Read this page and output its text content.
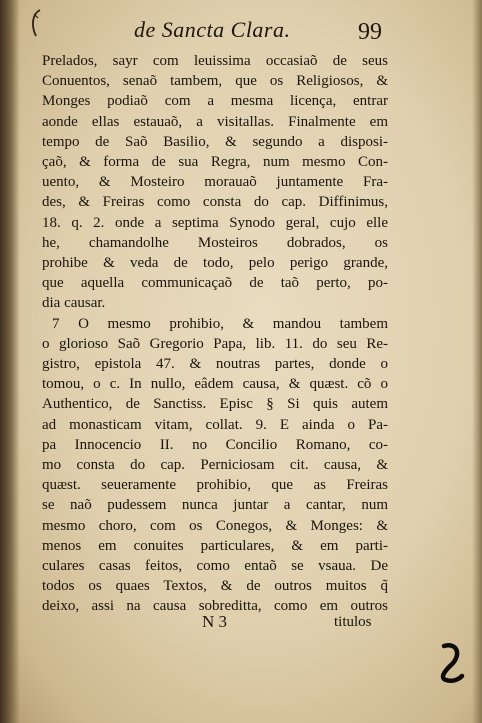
de Sancta Clara.	99
Prelados, sayr com leuissima occasiaõ de seus
Conuentos, senaõ tambem, que os Religiosos, &
Monges podiaõ com a mesma licença, entrar
aonde ellas estauaõ, a visitallas. Finalmente em
tempo de Saõ Basilio, & segundo a disposi-
çaõ, & forma de sua Regra, num mesmo Con-
uento, & Mosteiro morauaõ juntamente Fra-
des, & Freiras como consta do cap. Diffinimus,
18. q. 2. onde a septima Synodo geral, cujo elle
he, chamandolhe Mosteiros dobrados, os
prohibe & veda de todo, pelo perigo grande,
que aquella communicaçaõ de taõ perto, po-
dia causar.
7 O mesmo prohibio, & mandou tambem
o glorioso Saõ Gregorio Papa, lib. 11. do seu Re-
gistro, epistola 47. & noutras partes, donde o
tomou, o c. In nullo, eâdem causa, & quæst. cõ o
Authentico, de Sanctiss. Episc § Si quis autem
ad monasticam vitam, collat. 9. E ainda o Pa-
pa Innocencio II. no Concilio Romano, co-
mo consta do cap. Perniciosam cit. causa, &
quæst. seueramente prohibio, que as Freiras
se naõ pudessem nunca juntar a cantar, num
mesmo choro, com os Conegos, & Monges: &
menos em conuites particulares, & em parti-
culares casas feitos, como entaõ se vsaua. De
todos os quaes Textos, & de outros muitos q̃
deixo, assi na causa sobreditta, como em outros
N 3	titulos
